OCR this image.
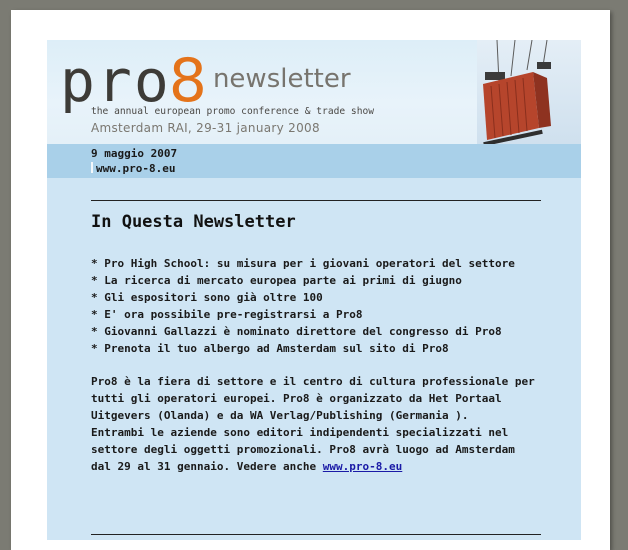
pro8 newsletter
the annual european promo conference & trade show
Amsterdam RAI, 29-31 january 2008
9 maggio 2007
www.pro-8.eu
In Questa Newsletter
* Pro High School: su misura per i giovani operatori del settore
* La ricerca di mercato europea parte ai primi di giugno
* Gli espositori sono già oltre 100
* E' ora possibile pre-registrarsi a Pro8
* Giovanni Gallazzi è nominato direttore del congresso di Pro8
* Prenota il tuo albergo ad Amsterdam sul sito di Pro8
Pro8 è la fiera di settore e il centro di cultura professionale per
tutti gli operatori europei. Pro8 è organizzato da Het Portaal
Uitgevers (Olanda) e da WA Verlag/Publishing (Germania ).
Entrambi le aziende sono editori indipendenti specializzati nel
settore degli oggetti promozionali. Pro8 avrà luogo ad Amsterdam
dal 29 al 31 gennaio. Vedere anche www.pro-8.eu
